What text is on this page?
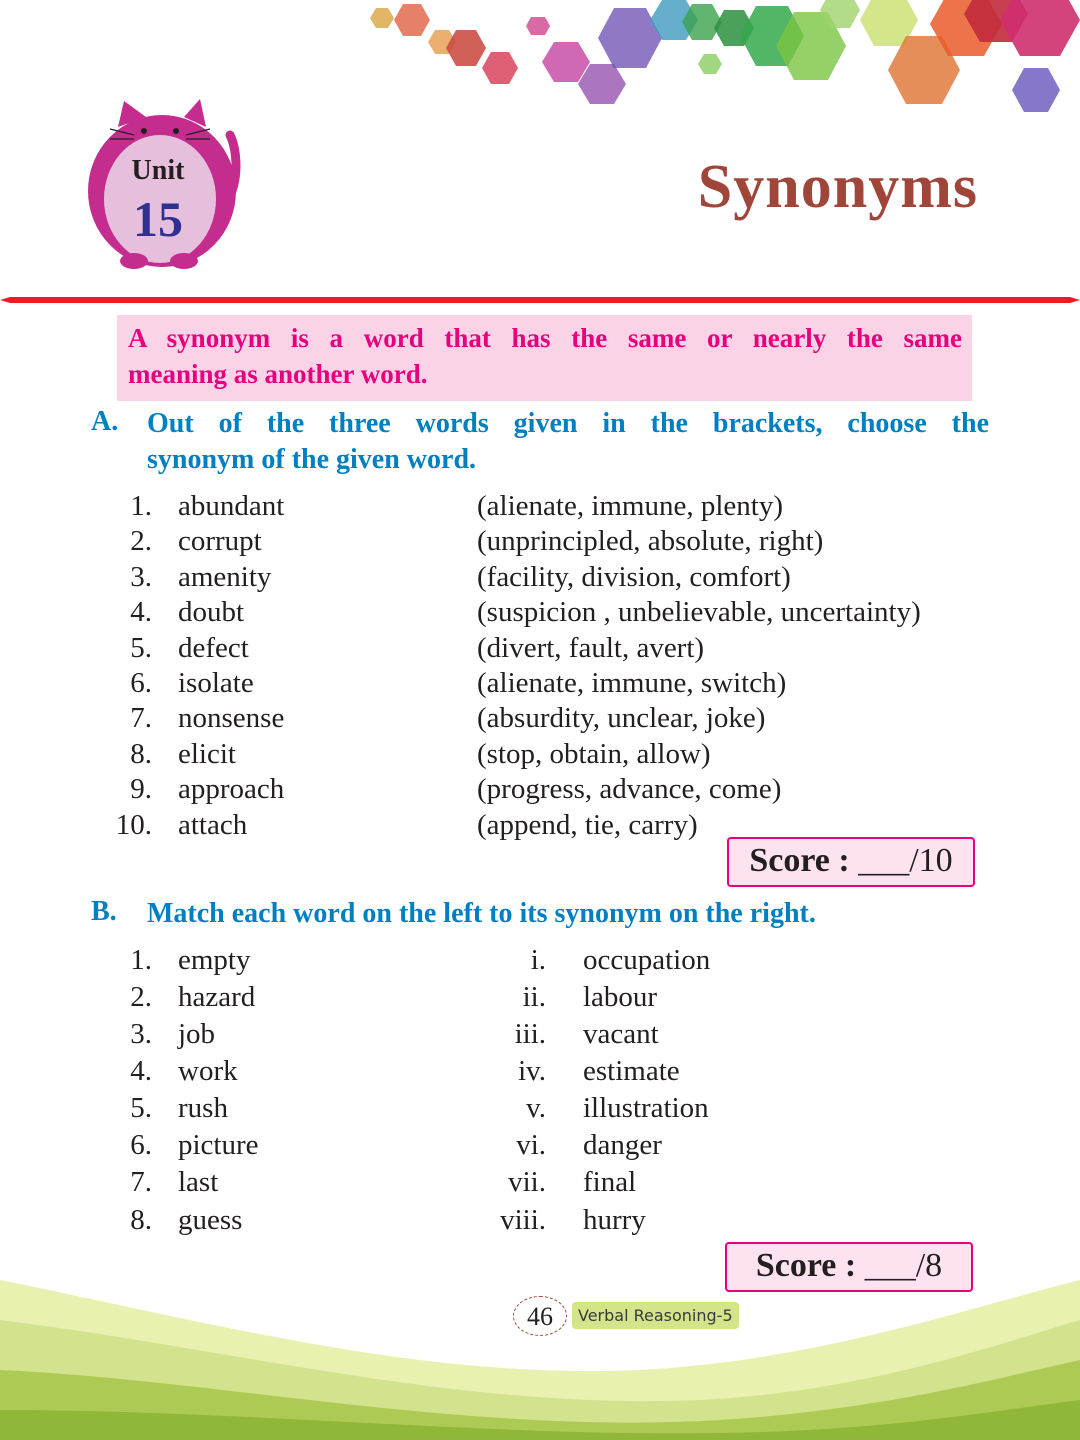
Unit
15	Synonyms
A synonym is a word that has the same or nearly the same
meaning as another word.
A. Out of the three words given in the brackets, choose the
synonym of the given word.
1. abundant	(alienate, immune, plenty)
2. corrupt	(unprincipled, absolute, right)
3. amenity	(facility, division, comfort)
4. doubt	(suspicion , unbelievable, uncertainty)
5. defect	(divert, fault, avert)
6. isolate	(alienate, immune, switch)
7. nonsense	(absurdity, unclear, joke)
8. elicit	(stop, obtain, allow)
9. approach	(progress, advance, come)
10. attach	(append, tie, carry)
Score : ___/10
B. Match each word on the left to its synonym on the right.
1. empty	i. occupation
2. hazard	ii. labour
3. job	iii. vacant
4. work	iv. estimate
5. rush	v. illustration
6. picture	vi. danger
7. last	vii. final
8. guess	viii. hurry
Score : ___/8
46	Verbal Reasoning-5
